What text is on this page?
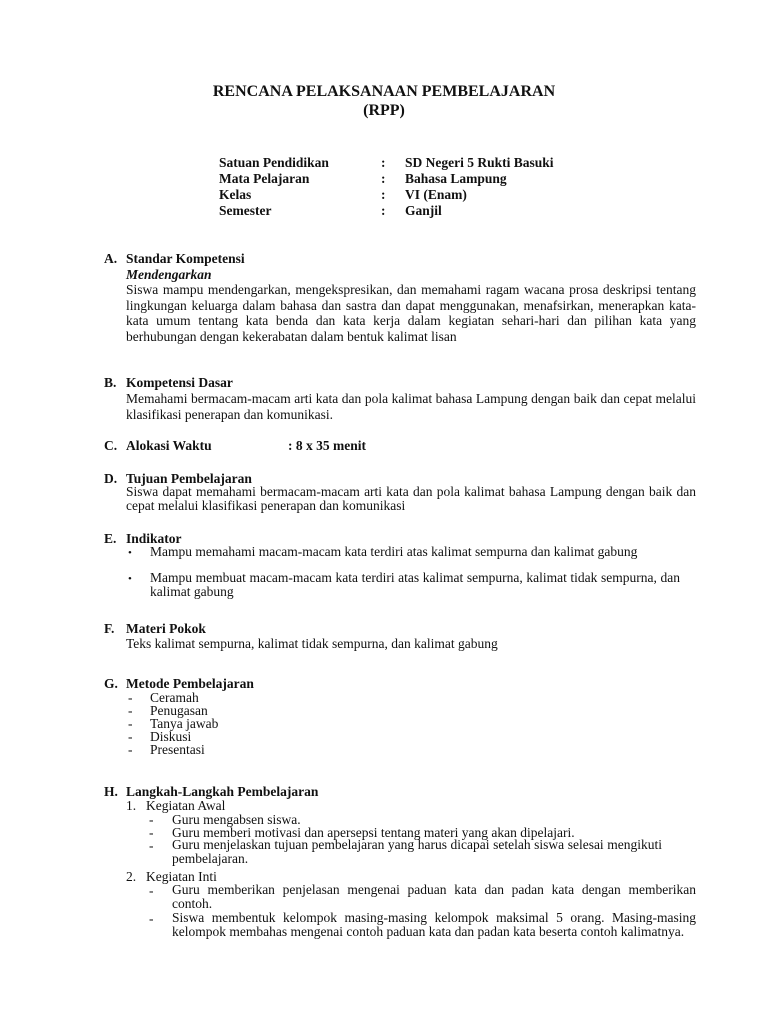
RENCANA PELAKSANAAN PEMBELAJARAN
(RPP)
Satuan Pendidikan	: SD Negeri 5 Rukti Basuki
Mata Pelajaran	: Bahasa Lampung
Kelas	: VI (Enam)
Semester	: Ganjil
A. Standar Kompetensi
Mendengarkan
Siswa mampu mendengarkan, mengekspresikan, dan memahami ragam wacana prosa deskripsi tentang lingkungan keluarga dalam bahasa dan sastra dan dapat menggunakan, menafsirkan, menerapkan kata-kata umum tentang kata benda dan kata kerja dalam kegiatan sehari-hari dan pilihan kata yang berhubungan dengan kekerabatan dalam bentuk kalimat lisan
B. Kompetensi Dasar
Memahami bermacam-macam arti kata dan pola kalimat bahasa Lampung dengan baik dan cepat melalui klasifikasi penerapan dan komunikasi.
C. Alokasi Waktu	: 8 x 35 menit
D. Tujuan Pembelajaran
Siswa dapat memahami bermacam-macam arti kata dan pola kalimat bahasa Lampung dengan baik dan cepat melalui klasifikasi penerapan dan komunikasi
E. Indikator
• Mampu memahami macam-macam kata terdiri atas kalimat sempurna dan kalimat gabung
• Mampu membuat macam-macam kata terdiri atas kalimat sempurna, kalimat tidak sempurna, dan kalimat gabung
F. Materi Pokok
Teks kalimat sempurna, kalimat tidak sempurna, dan kalimat gabung
G. Metode Pembelajaran
- Ceramah
- Penugasan
- Tanya jawab
- Diskusi
- Presentasi
H. Langkah-Langkah Pembelajaran
1. Kegiatan Awal
- Guru mengabsen siswa.
- Guru memberi motivasi dan apersepsi tentang materi yang akan dipelajari.
- Guru menjelaskan tujuan pembelajaran yang harus dicapai setelah siswa selesai mengikuti pembelajaran.
2. Kegiatan Inti
- Guru memberikan penjelasan mengenai paduan kata dan padan kata dengan memberikan contoh.
- Siswa membentuk kelompok masing-masing kelompok maksimal 5 orang. Masing-masing kelompok membahas mengenai contoh paduan kata dan padan kata beserta contoh kalimatnya.
